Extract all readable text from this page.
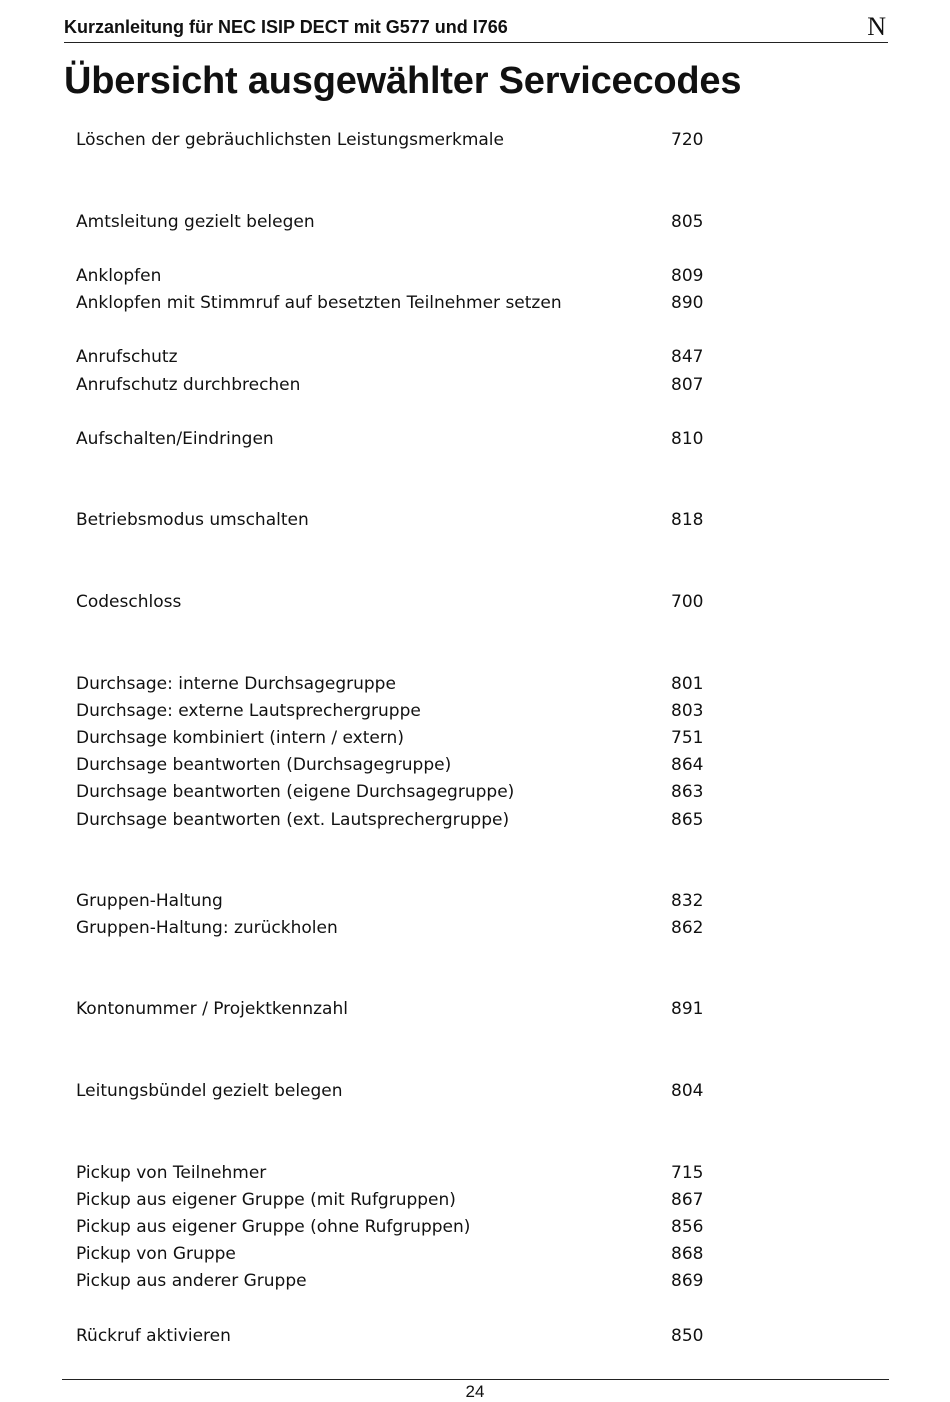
Kurzanleitung für NEC ISIP DECT mit G577 und I766	N
Übersicht ausgewählter Servicecodes
Löschen der gebräuchlichsten Leistungsmerkmale	720
Amtsleitung gezielt belegen	805
Anklopfen	809
Anklopfen mit Stimmruf auf besetzten Teilnehmer setzen	890
Anrufschutz	847
Anrufschutz durchbrechen	807
Aufschalten/Eindringen	810
Betriebsmodus umschalten	818
Codeschloss	700
Durchsage: interne Durchsagegruppe	801
Durchsage: externe Lautsprechergruppe	803
Durchsage kombiniert (intern / extern)	751
Durchsage beantworten (Durchsagegruppe)	864
Durchsage beantworten (eigene Durchsagegruppe)	863
Durchsage beantworten (ext. Lautsprechergruppe)	865
Gruppen-Haltung	832
Gruppen-Haltung: zurückholen	862
Kontonummer / Projektkennzahl	891
Leitungsbündel gezielt belegen	804
Pickup von Teilnehmer	715
Pickup aus eigener Gruppe (mit Rufgruppen)	867
Pickup aus eigener Gruppe (ohne Rufgruppen)	856
Pickup von Gruppe	868
Pickup aus anderer Gruppe	869
Rückruf aktivieren	850
24
